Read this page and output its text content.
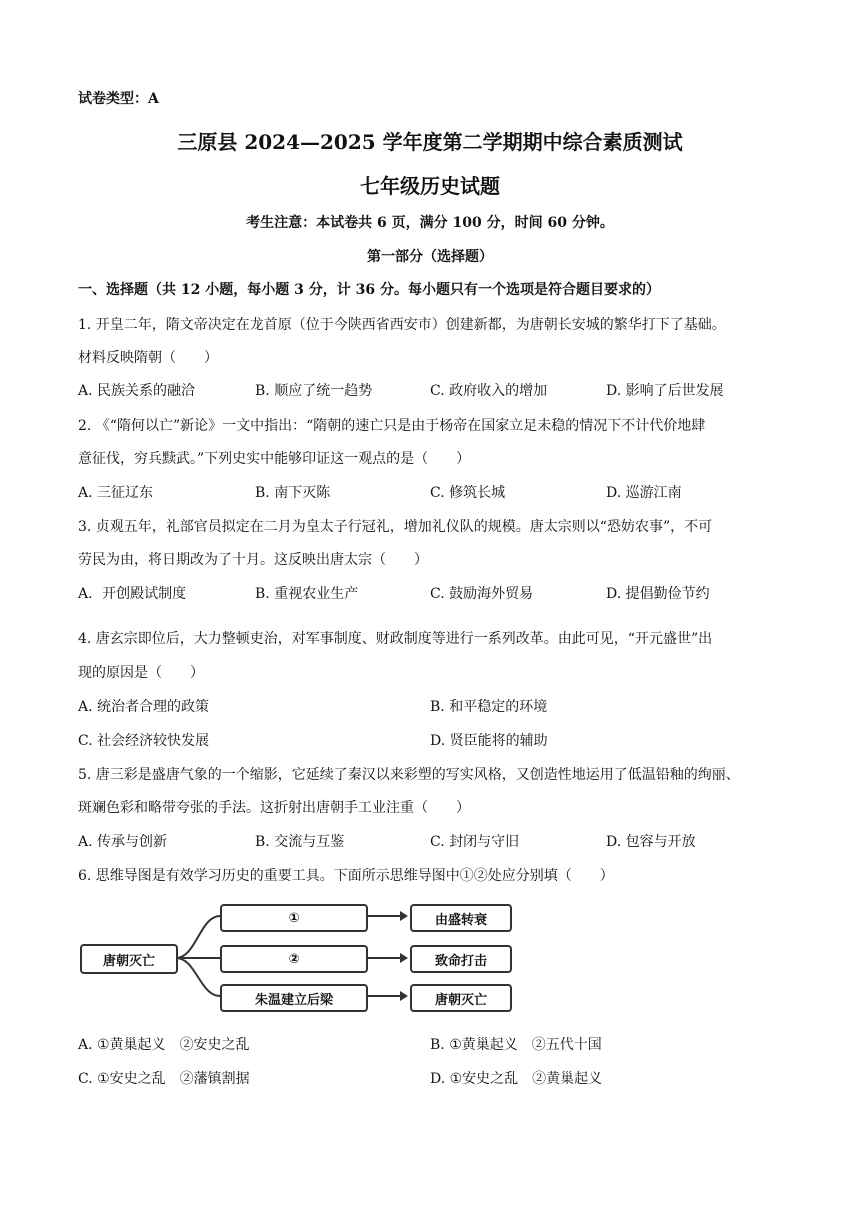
试卷类型：A
三原县 2024—2025 学年度第二学期期中综合素质测试
七年级历史试题
考生注意：本试卷共 6 页，满分 100 分，时间 60 分钟。
第一部分（选择题）
一、选择题（共 12 小题，每小题 3 分，计 36 分。每小题只有一个选项是符合题目要求的）
1. 开皇二年，隋文帝决定在龙首原（位于今陕西省西安市）创建新都，为唐朝长安城的繁华打下了基础。
材料反映隋朝（　　）
A. 民族关系的融洽	B. 顺应了统一趋势	C. 政府收入的增加	D. 影响了后世发展
2. 《“隋何以亡”新论》一文中指出：“隋朝的速亡只是由于杨帝在国家立足未稳的情况下不计代价地肆
意征伐，穷兵黩武。”下列史实中能够印证这一观点的是（　　）
A. 三征辽东	B. 南下灭陈	C. 修筑长城	D. 巡游江南
3. 贞观五年，礼部官员拟定在二月为皇太子行冠礼，增加礼仪队的规模。唐太宗则以“恐妨农事”，不可
劳民为由，将日期改为了十月。这反映出唐太宗（　　）
A．开创殿试制度	B. 重视农业生产	C. 鼓励海外贸易	D. 提倡勤俭节约
4. 唐玄宗即位后，大力整顿吏治，对军事制度、财政制度等进行一系列改革。由此可见，“开元盛世”出
现的原因是（　　）
A. 统治者合理的政策	B. 和平稳定的环境
C. 社会经济较快发展	D. 贤臣能将的辅助
5. 唐三彩是盛唐气象的一个缩影，它延续了秦汉以来彩塑的写实风格，又创造性地运用了低温铅釉的绚丽、
斑斓色彩和略带夸张的手法。这折射出唐朝手工业注重（　　）
A. 传承与创新	B. 交流与互鉴	C. 封闭与守旧	D. 包容与开放
6. 思维导图是有效学习历史的重要工具。下面所示思维导图中①②处应分别填（　　）
唐朝灭亡
①
②
朱温建立后梁
由盛转衰
致命打击
唐朝灭亡
A. ①黄巢起义　②安史之乱	B. ①黄巢起义　②五代十国
C. ①安史之乱　②藩镇割据	D. ①安史之乱　②黄巢起义
